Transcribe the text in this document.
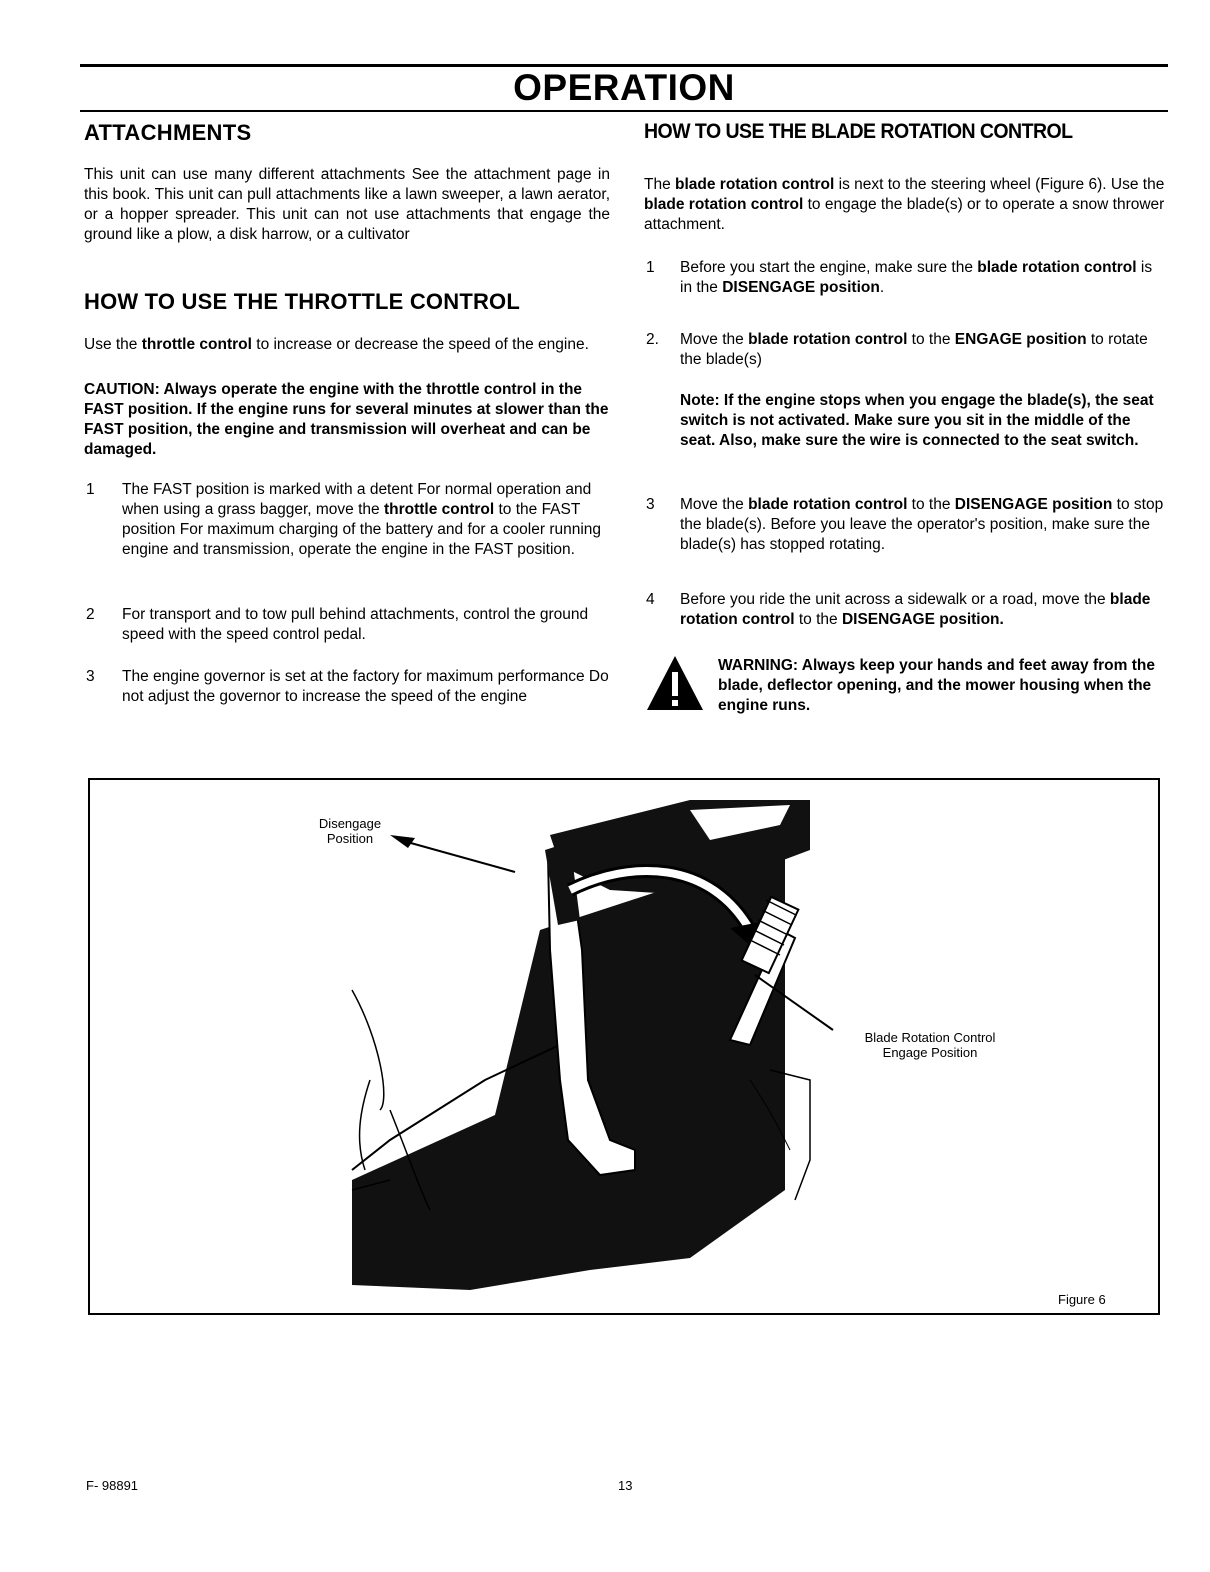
OPERATION
ATTACHMENTS

This unit can use many different attachments See the attachment page in this book. This unit can pull attachments like a lawn sweeper, a lawn aerator, or a hopper spreader. This unit can not use attachments that engage the ground like a plow, a disk harrow, or a cultivator

HOW TO USE THE THROTTLE CONTROL

Use the throttle control to increase or decrease the speed of the engine.

CAUTION: Always operate the engine with the throttle control in the FAST position. If the engine runs for several minutes at slower than the FAST position, the engine and transmission will overheat and can be damaged.

1 The FAST position is marked with a detent For normal operation and when using a grass bagger, move the throttle control to the FAST position For maximum charging of the battery and for a cooler running engine and transmission, operate the engine in the FAST position.
2 For transport and to tow pull behind attachments, control the ground speed with the speed control pedal.
3 The engine governor is set at the factory for maximum performance Do not adjust the governor to increase the speed of the engine
HOW TO USE THE BLADE ROTATION CONTROL

The blade rotation control is next to the steering wheel (Figure 6). Use the blade rotation control to engage the blade(s) or to operate a snow thrower attachment.

1 Before you start the engine, make sure the blade rotation control is in the DISENGAGE position.
2. Move the blade rotation control to the ENGAGE position to rotate the blade(s)

Note: If the engine stops when you engage the blade(s), the seat switch is not activated. Make sure you sit in the middle of the seat. Also, make sure the wire is connected to the seat switch.

3 Move the blade rotation control to the DISENGAGE position to stop the blade(s). Before you leave the operator's position, make sure the blade(s) has stopped rotating.
4 Before you ride the unit across a sidewalk or a road, move the blade rotation control to the DISENGAGE position.

WARNING: Always keep your hands and feet away from the blade, deflector opening, and the mower housing when the engine runs.

Disengage
Position
Blade Rotation Control
Engage Position
Figure 6
F- 98891	13
